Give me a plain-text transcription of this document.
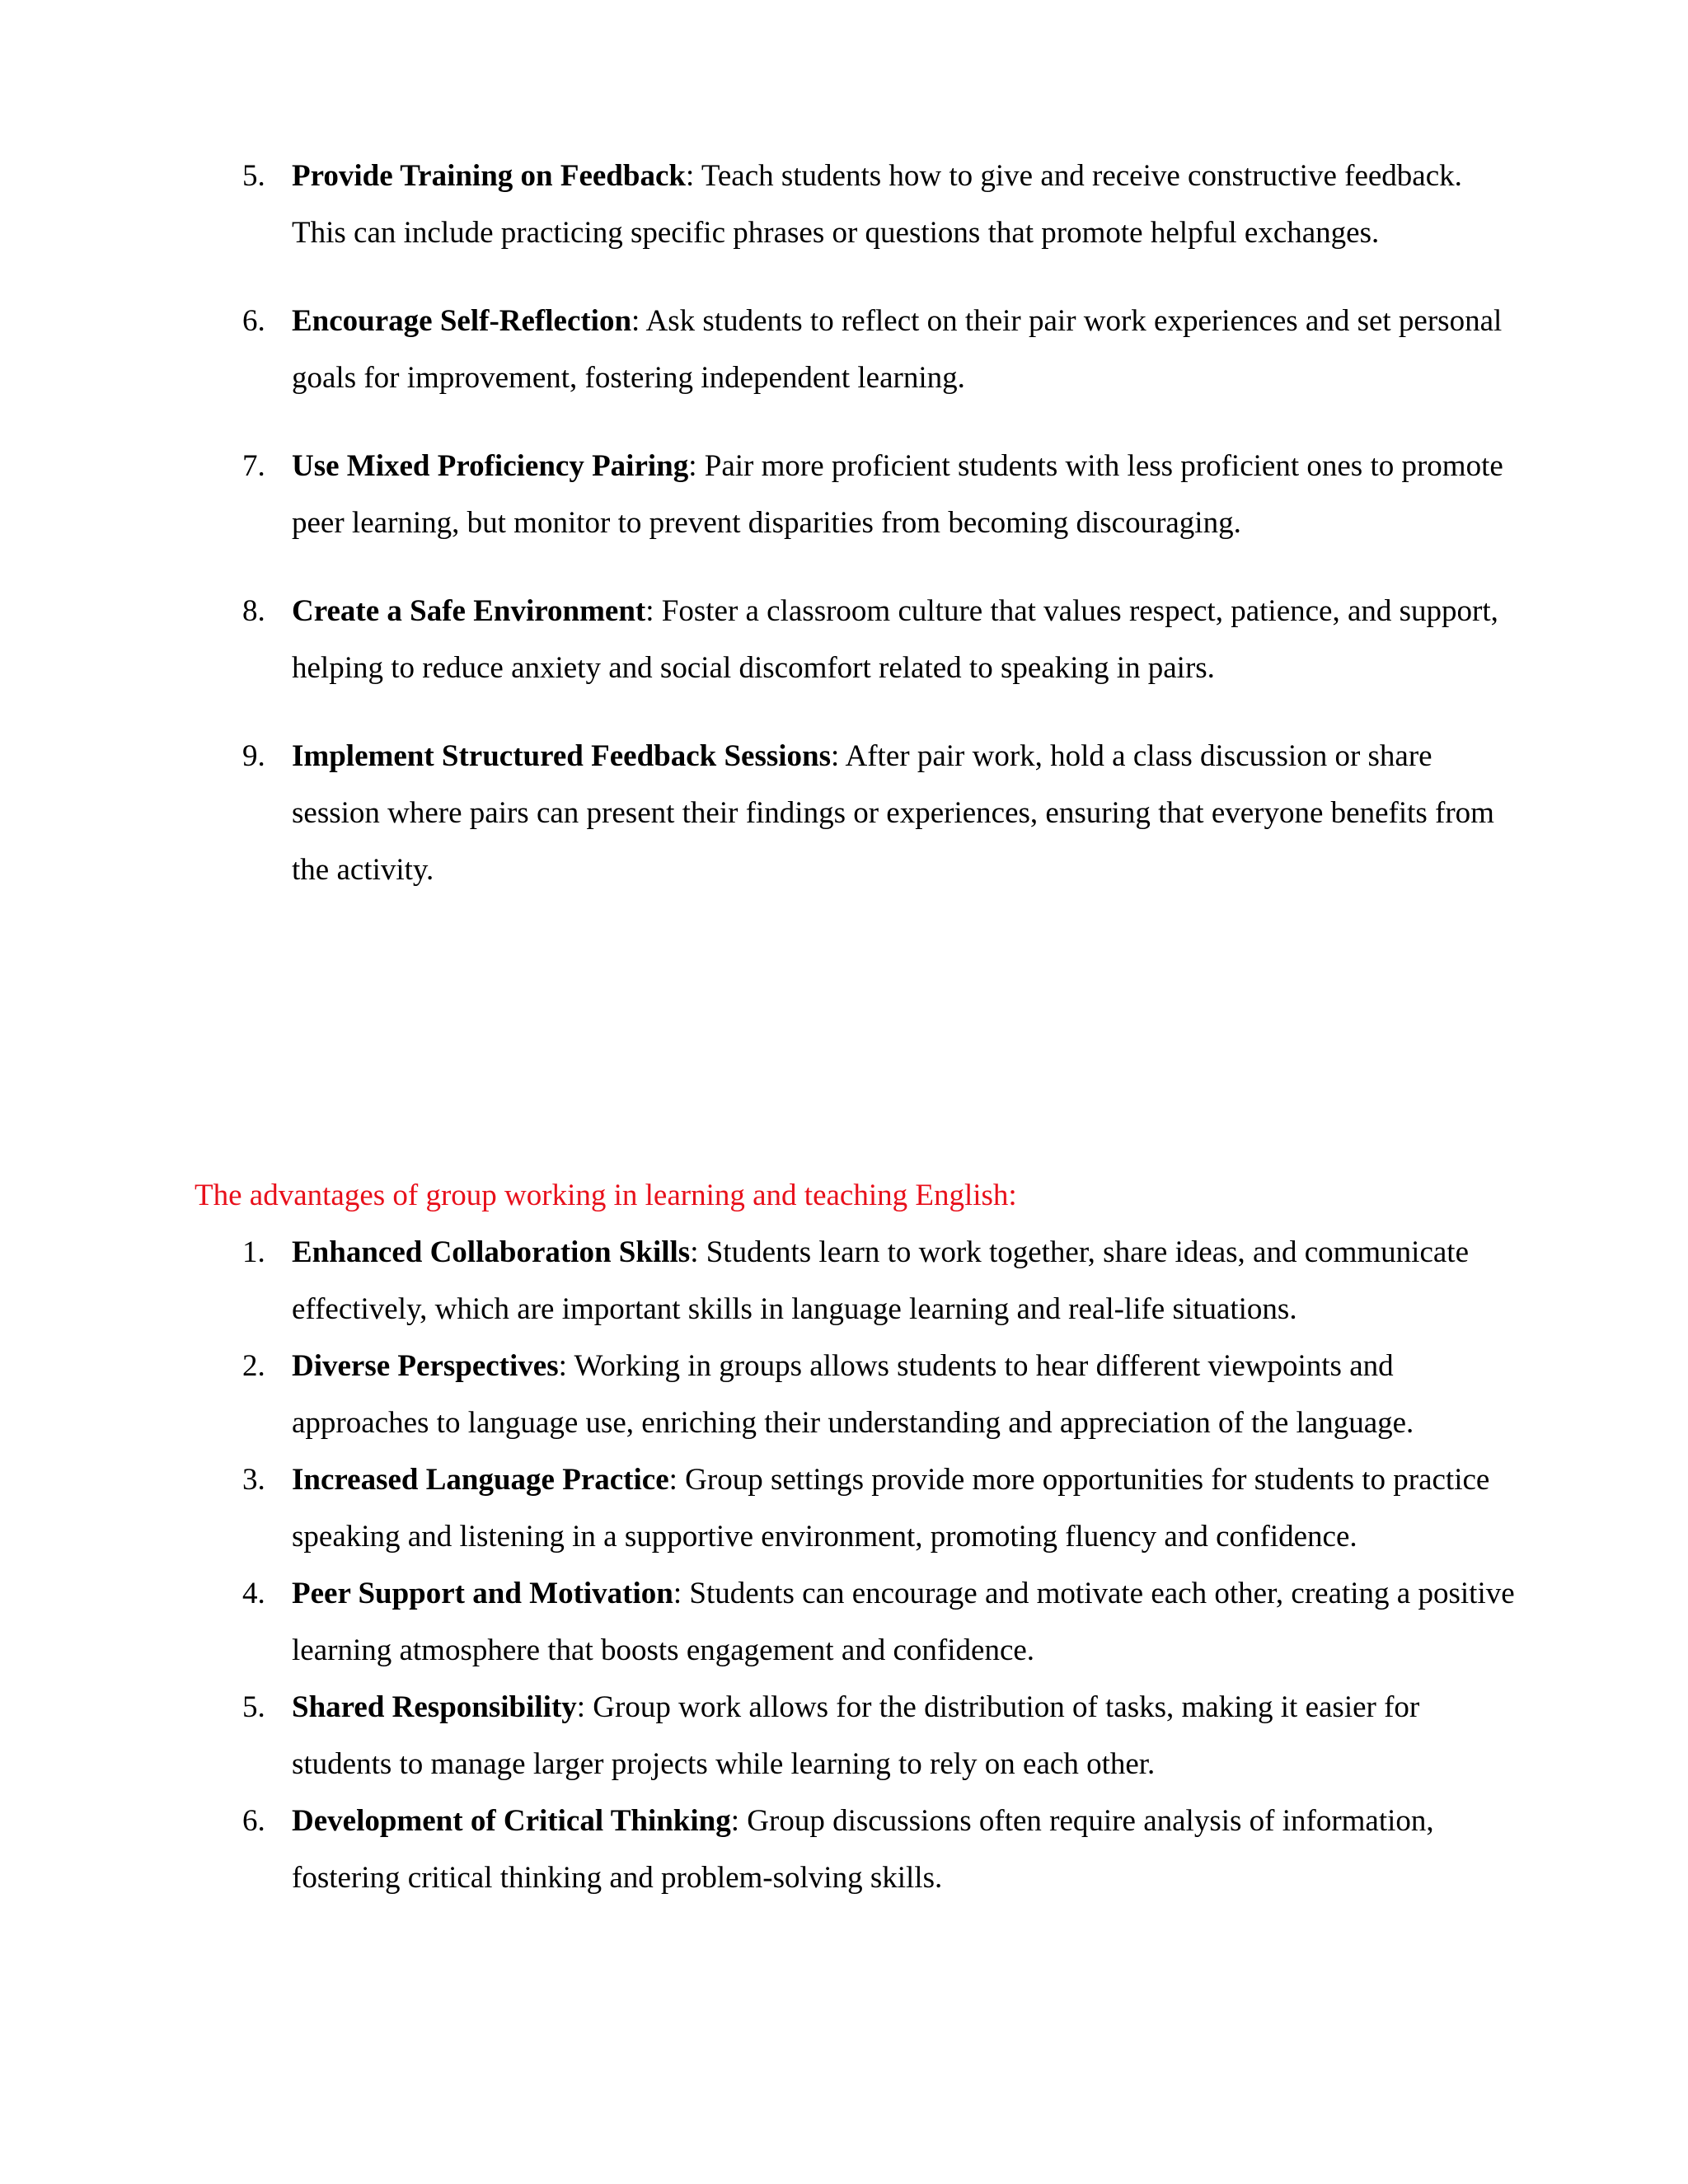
5. Provide Training on Feedback: Teach students how to give and receive constructive feedback. This can include practicing specific phrases or questions that promote helpful exchanges.
6. Encourage Self-Reflection: Ask students to reflect on their pair work experiences and set personal goals for improvement, fostering independent learning.
7. Use Mixed Proficiency Pairing: Pair more proficient students with less proficient ones to promote peer learning, but monitor to prevent disparities from becoming discouraging.
8. Create a Safe Environment: Foster a classroom culture that values respect, patience, and support, helping to reduce anxiety and social discomfort related to speaking in pairs.
9. Implement Structured Feedback Sessions: After pair work, hold a class discussion or share session where pairs can present their findings or experiences, ensuring that everyone benefits from the activity.
The advantages of group working in learning and teaching English:
1. Enhanced Collaboration Skills: Students learn to work together, share ideas, and communicate effectively, which are important skills in language learning and real-life situations.
2. Diverse Perspectives: Working in groups allows students to hear different viewpoints and approaches to language use, enriching their understanding and appreciation of the language.
3. Increased Language Practice: Group settings provide more opportunities for students to practice speaking and listening in a supportive environment, promoting fluency and confidence.
4. Peer Support and Motivation: Students can encourage and motivate each other, creating a positive learning atmosphere that boosts engagement and confidence.
5. Shared Responsibility: Group work allows for the distribution of tasks, making it easier for students to manage larger projects while learning to rely on each other.
6. Development of Critical Thinking: Group discussions often require analysis of information, fostering critical thinking and problem-solving skills.
